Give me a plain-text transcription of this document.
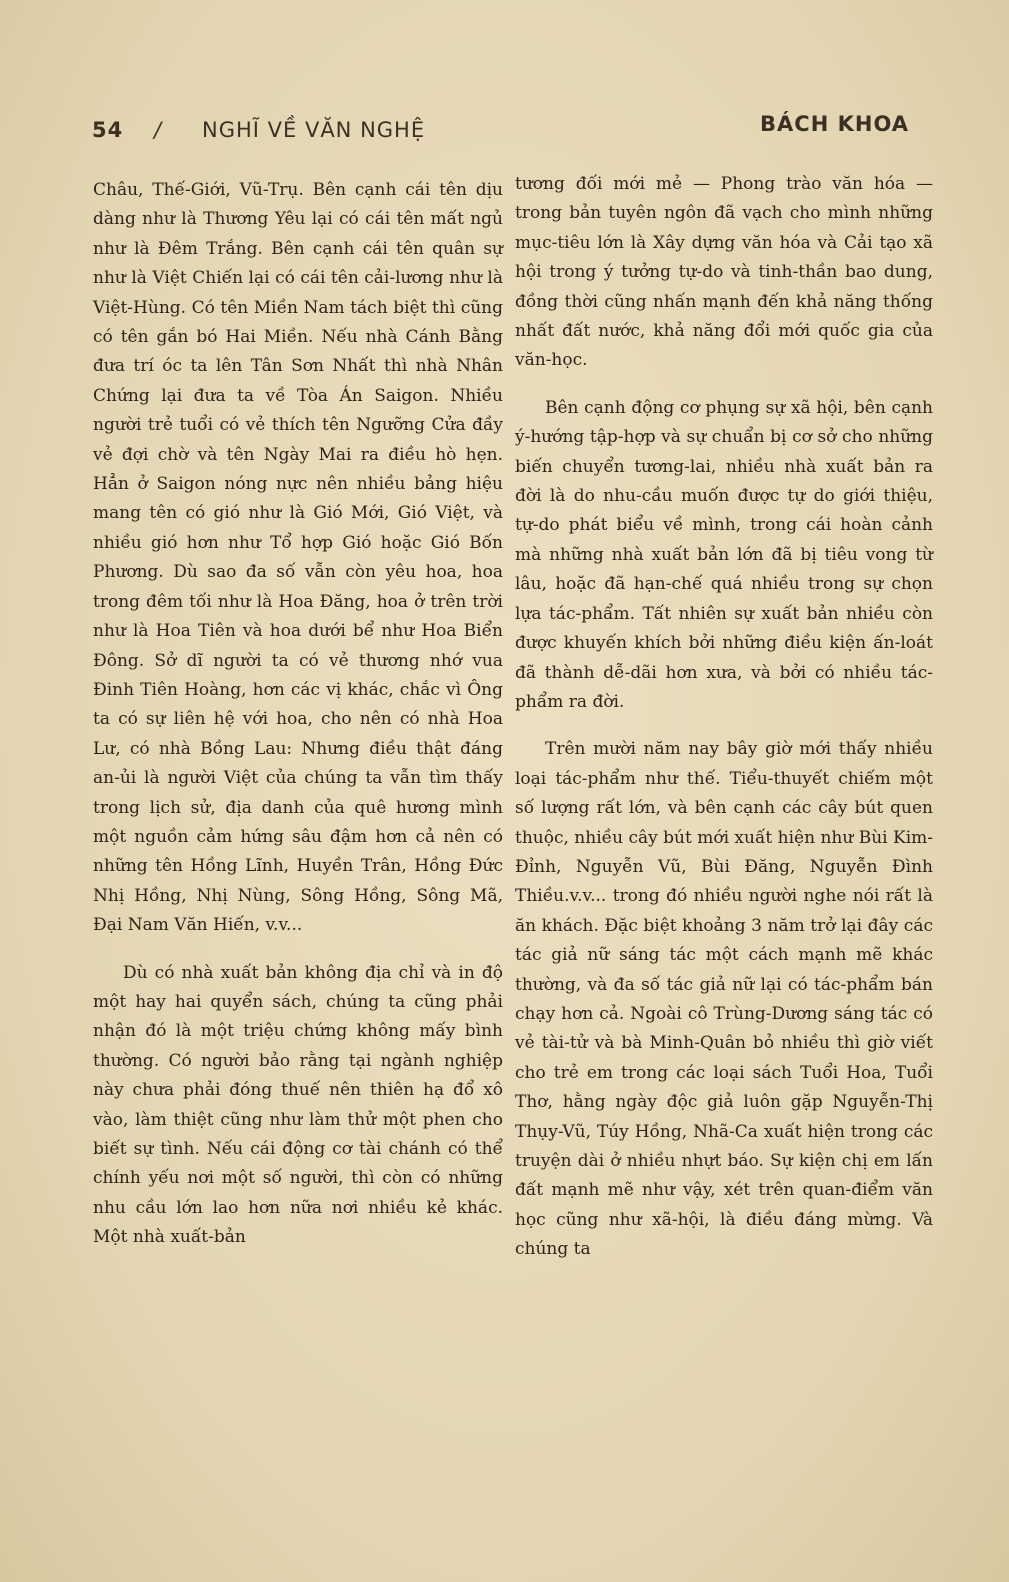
54 / NGHĨ VỀ VĂN NGHỆ	BÁCH KHOA

Châu, Thế-Giới, Vũ-Trụ. Bên cạnh cái tên dịu dàng như là Thương Yêu lại có cái tên mất ngủ như là Đêm Trắng. Bên cạnh cái tên quân sự như là Việt Chiến lại có cái tên cải-lương như là Việt-Hùng. Có tên Miền Nam tách biệt thì cũng có tên gắn bó Hai Miền. Nếu nhà Cánh Bằng đưa trí óc ta lên Tân Sơn Nhất thì nhà Nhân Chứng lại đưa ta về Tòa Án Saigon. Nhiều người trẻ tuổi có vẻ thích tên Ngưỡng Cửa đầy vẻ đợi chờ và tên Ngày Mai ra điều hò hẹn. Hẳn ở Saigon nóng nực nên nhiều bảng hiệu mang tên có gió như là Gió Mới, Gió Việt, và nhiều gió hơn như Tổ hợp Gió hoặc Gió Bốn Phương. Dù sao đa số vẫn còn yêu hoa, hoa trong đêm tối như là Hoa Đăng, hoa ở trên trời như là Hoa Tiên và hoa dưới bể như Hoa Biển Đông. Sở dĩ người ta có vẻ thương nhớ vua Đinh Tiên Hoàng, hơn các vị khác, chắc vì Ông ta có sự liên hệ với hoa, cho nên có nhà Hoa Lư, có nhà Bồng Lau: Nhưng điều thật đáng an-ủi là người Việt của chúng ta vẫn tìm thấy trong lịch sử, địa danh của quê hương mình một nguồn cảm hứng sâu đậm hơn cả nên có những tên Hồng Lĩnh, Huyền Trân, Hồng Đức Nhị Hồng, Nhị Nùng, Sông Hồng, Sông Mã, Đại Nam Văn Hiến, v.v...

Dù có nhà xuất bản không địa chỉ và in độ một hay hai quyển sách, chúng ta cũng phải nhận đó là một triệu chứng không mấy bình thường. Có người bảo rằng tại ngành nghiệp này chưa phải đóng thuế nên thiên hạ đổ xô vào, làm thiệt cũng như làm thử một phen cho biết sự tình. Nếu cái động cơ tài chánh có thể chính yếu nơi một số người, thì còn có những nhu cầu lớn lao hơn nữa nơi nhiều kẻ khác. Một nhà xuất-bản

tương đối mới mẻ — Phong trào văn hóa — trong bản tuyên ngôn đã vạch cho mình những mục-tiêu lớn là Xây dựng văn hóa và Cải tạo xã hội trong ý tưởng tự-do và tinh-thần bao dung, đồng thời cũng nhấn mạnh đến khả năng thống nhất đất nước, khả năng đổi mới quốc gia của văn-học.

Bên cạnh động cơ phụng sự xã hội, bên cạnh ý-hướng tập-hợp và sự chuẩn bị cơ sở cho những biến chuyển tương-lai, nhiều nhà xuất bản ra đời là do nhu-cầu muốn được tự do giới thiệu, tự-do phát biểu về mình, trong cái hoàn cảnh mà những nhà xuất bản lớn đã bị tiêu vong từ lâu, hoặc đã hạn-chế quá nhiều trong sự chọn lựa tác-phẩm. Tất nhiên sự xuất bản nhiều còn được khuyến khích bởi những điều kiện ấn-loát đã thành dễ-dãi hơn xưa, và bởi có nhiều tác-phẩm ra đời.

Trên mười năm nay bây giờ mới thấy nhiều loại tác-phẩm như thế. Tiểu-thuyết chiếm một số lượng rất lớn, và bên cạnh các cây bút quen thuộc, nhiều cây bút mới xuất hiện như Bùi Kim-Đỉnh, Nguyễn Vũ, Bùi Đăng, Nguyễn Đình Thiều.v.v... trong đó nhiều người nghe nói rất là ăn khách. Đặc biệt khoảng 3 năm trở lại đây các tác giả nữ sáng tác một cách mạnh mẽ khác thường, và đa số tác giả nữ lại có tác-phẩm bán chạy hơn cả. Ngoài cô Trùng-Dương sáng tác có vẻ tài-tử và bà Minh-Quân bỏ nhiều thì giờ viết cho trẻ em trong các loại sách Tuổi Hoa, Tuổi Thơ, hằng ngày độc giả luôn gặp Nguyễn-Thị Thụy-Vũ, Túy Hồng, Nhã-Ca xuất hiện trong các truyện dài ở nhiều nhựt báo. Sự kiện chị em lấn đất mạnh mẽ như vậy, xét trên quan-điểm văn học cũng như xã-hội, là điều đáng mừng. Và chúng ta
